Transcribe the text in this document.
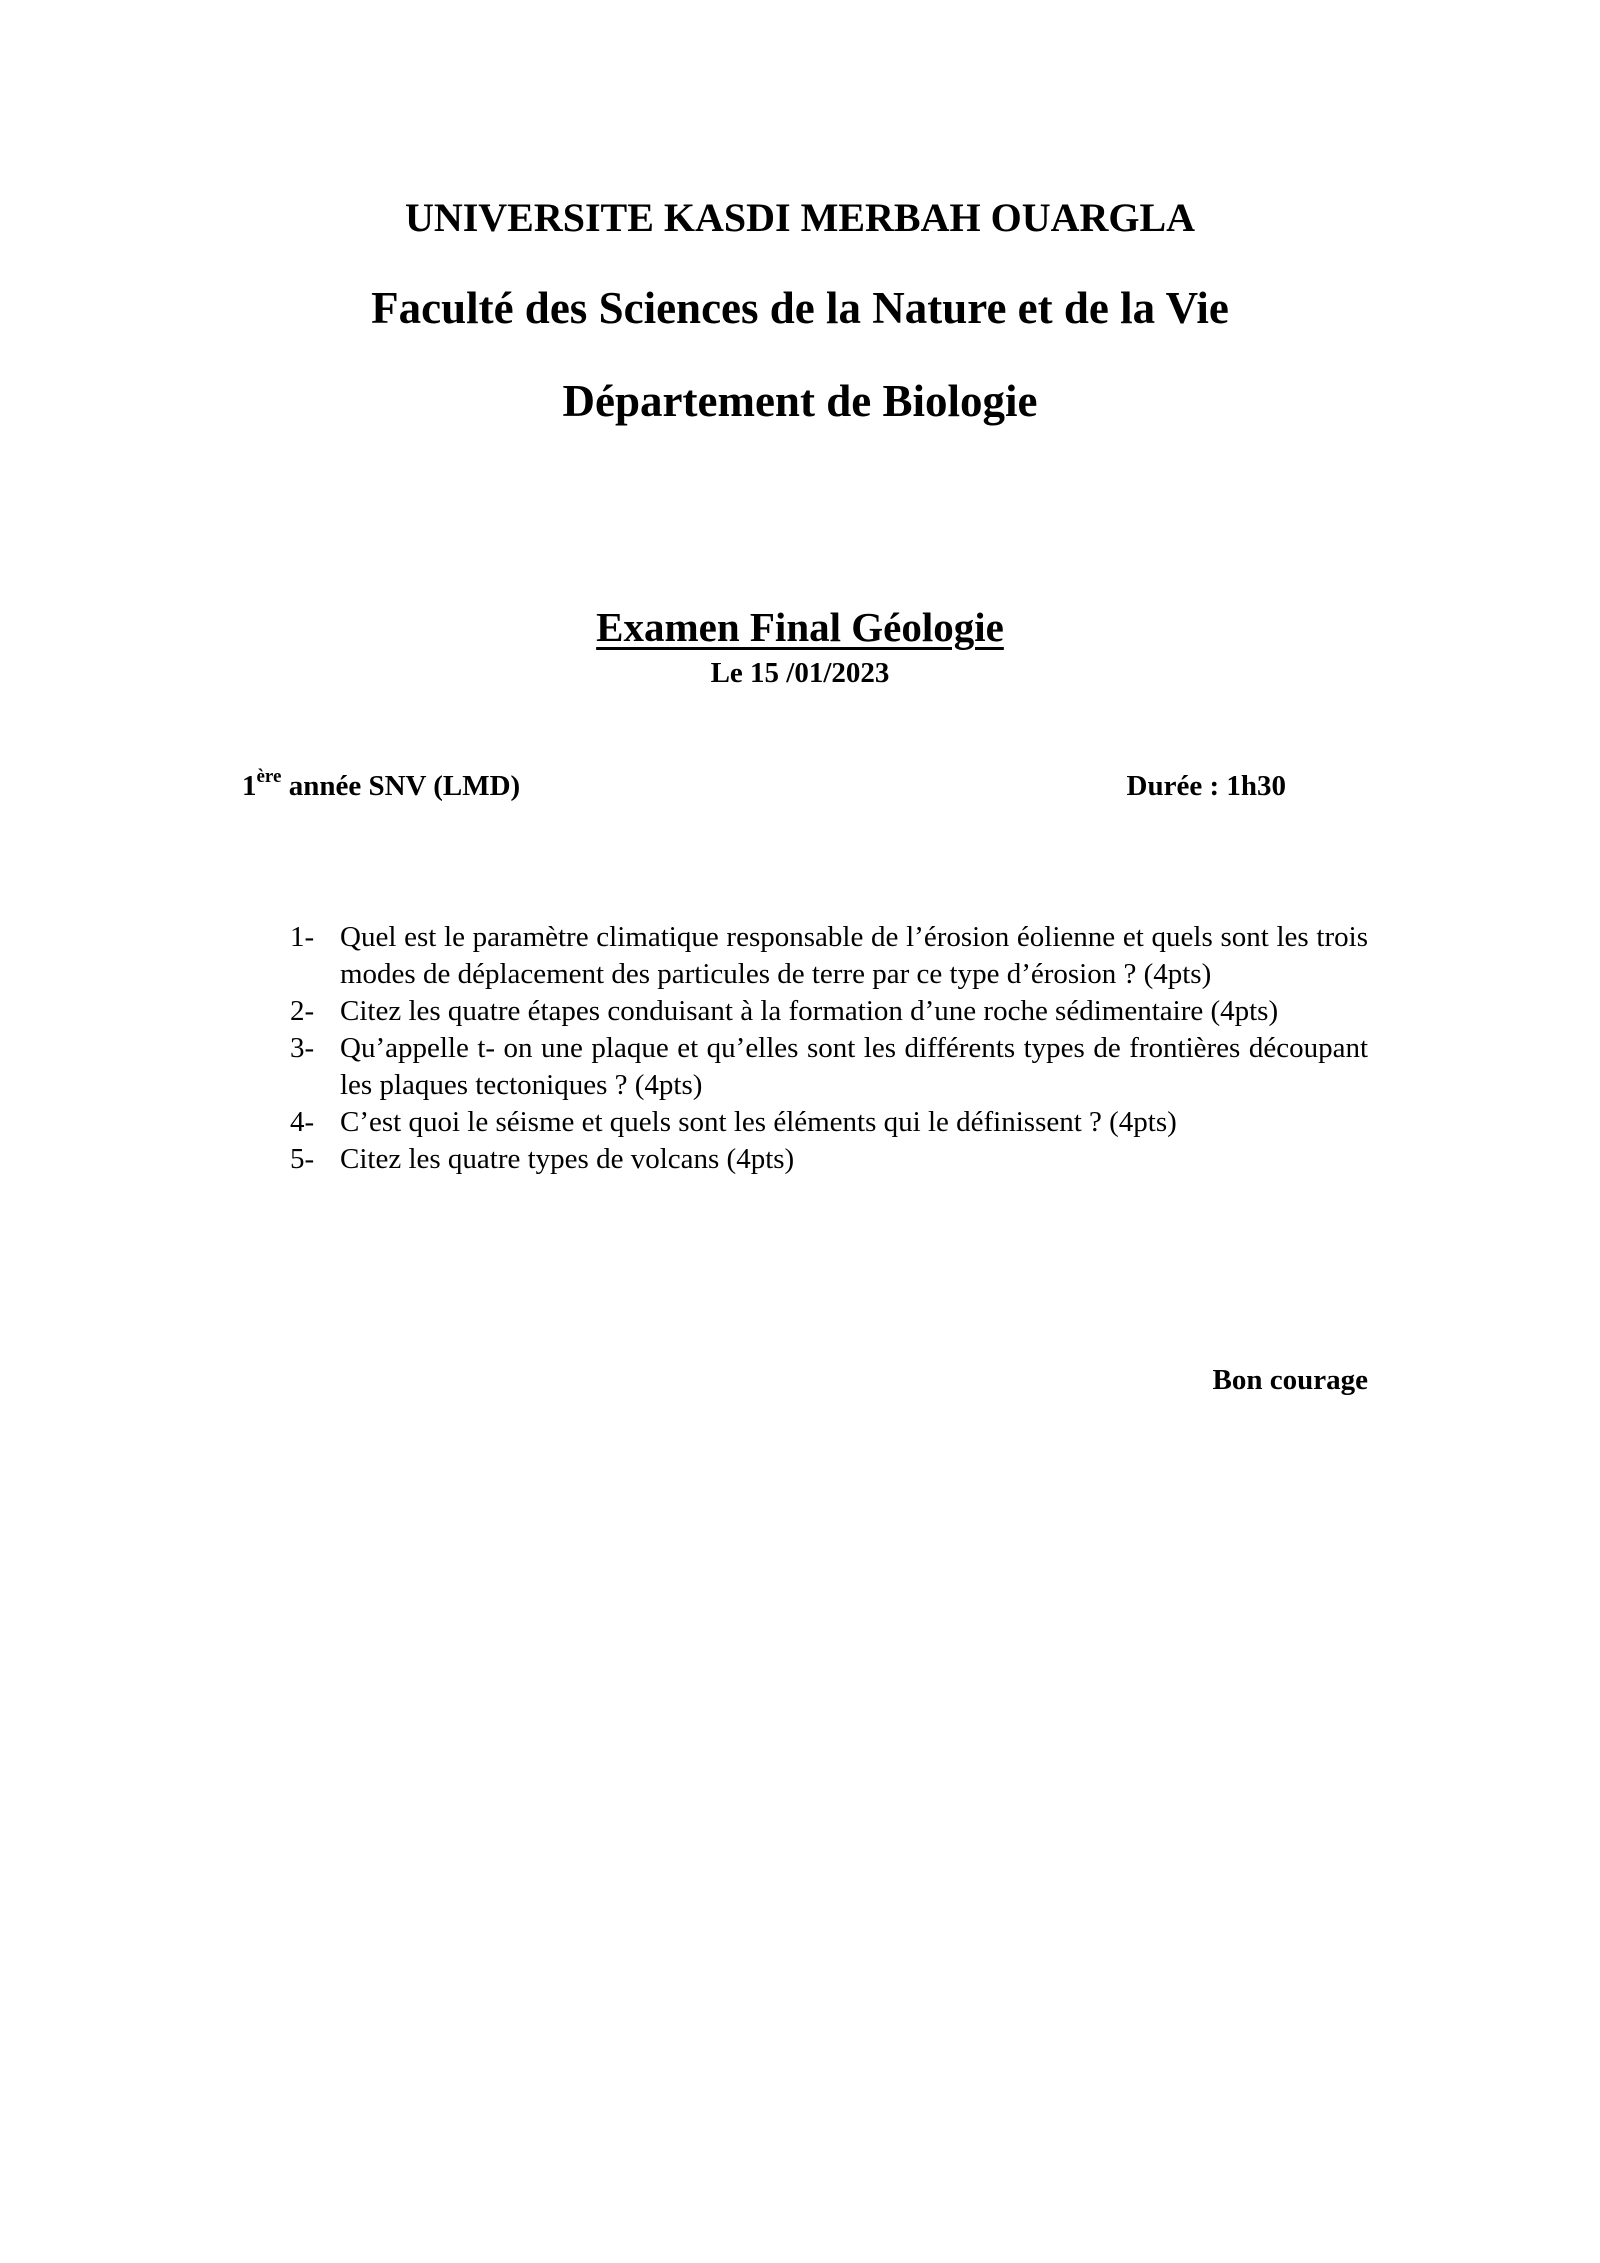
UNIVERSITE KASDI MERBAH OUARGLA
Faculté des Sciences de la Nature et de la Vie
Département de Biologie
Examen Final Géologie
Le 15 /01/2023
1ère année SNV (LMD)	Durée : 1h30
1- Quel est le paramètre climatique responsable de l’érosion éolienne et quels sont les trois modes de déplacement des particules de terre par ce type d’érosion ? (4pts)
2- Citez les quatre étapes conduisant à la formation d’une roche sédimentaire (4pts)
3- Qu’appelle t- on une plaque et qu’elles sont les différents types de frontières découpant les plaques tectoniques ? (4pts)
4- C’est quoi le séisme et quels sont les éléments qui le définissent ? (4pts)
5- Citez les quatre types de volcans (4pts)
Bon courage
